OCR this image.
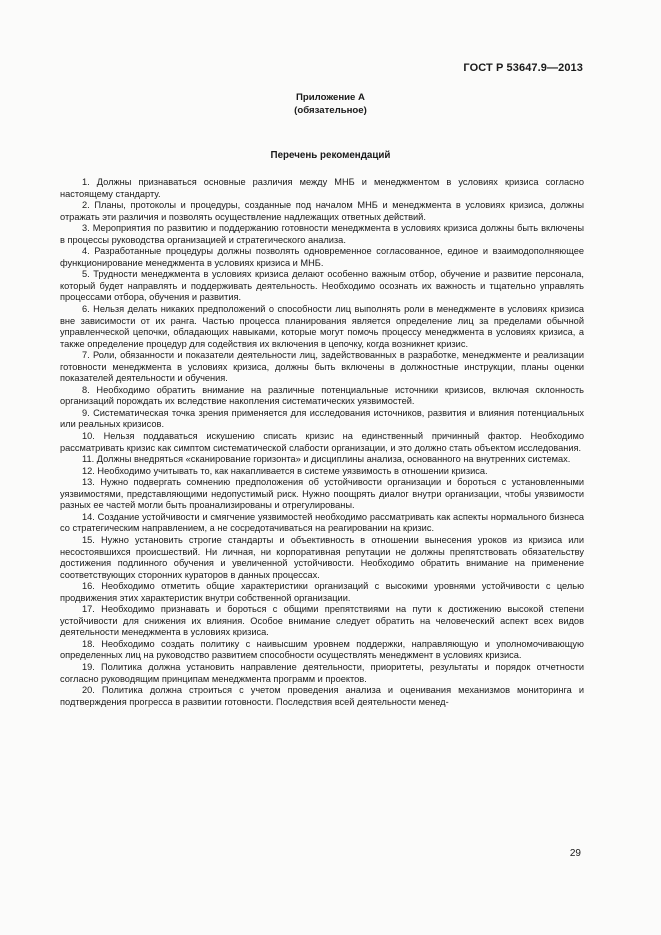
ГОСТ Р 53647.9—2013
Приложение А
(обязательное)
Перечень рекомендаций

1. Должны признаваться основные различия между МНБ и менеджментом в условиях кризиса согласно настоящему стандарту.

2. Планы, протоколы и процедуры, созданные под началом МНБ и менеджмента в условиях кризиса, должны отражать эти различия и позволять осуществление надлежащих ответных действий.

3. Мероприятия по развитию и поддержанию готовности менеджмента в условиях кризиса должны быть включены в процессы руководства организацией и стратегического анализа.

4. Разработанные процедуры должны позволять одновременное согласованное, единое и взаимодополняющее функционирование менеджмента в условиях кризиса и МНБ.

5. Трудности менеджмента в условиях кризиса делают особенно важным отбор, обучение и развитие персонала, который будет направлять и поддерживать деятельность. Необходимо осознать их важность и тщательно управлять процессами отбора, обучения и развития.

6. Нельзя делать никаких предположений о способности лиц выполнять роли в менеджменте в условиях кризиса вне зависимости от их ранга. Частью процесса планирования является определение лиц за пределами обычной управленческой цепочки, обладающих навыками, которые могут помочь процессу менеджмента в условиях кризиса, а также определение процедур для содействия их включения в цепочку, когда возникнет кризис.

7. Роли, обязанности и показатели деятельности лиц, задействованных в разработке, менеджменте и реализации готовности менеджмента в условиях кризиса, должны быть включены в должностные инструкции, планы оценки показателей деятельности и обучения.

8. Необходимо обратить внимание на различные потенциальные источники кризисов, включая склонность организаций порождать их вследствие накопления систематических уязвимостей.

9. Систематическая точка зрения применяется для исследования источников, развития и влияния потенциальных или реальных кризисов.

10. Нельзя поддаваться искушению списать кризис на единственный причинный фактор. Необходимо рассматривать кризис как симптом систематической слабости организации, и это должно стать объектом исследования.

11. Должны внедряться «сканирование горизонта» и дисциплины анализа, основанного на внутренних системах.

12. Необходимо учитывать то, как накапливается в системе уязвимость в отношении кризиса.

13. Нужно подвергать сомнению предположения об устойчивости организации и бороться с установленными уязвимостями, представляющими недопустимый риск. Нужно поощрять диалог внутри организации, чтобы уязвимости разных ее частей могли быть проанализированы и отрегулированы.

14. Создание устойчивости и смягчение уязвимостей необходимо рассматривать как аспекты нормального бизнеса со стратегическим направлением, а не сосредотачиваться на реагировании на кризис.

15. Нужно установить строгие стандарты и объективность в отношении вынесения уроков из кризиса или несостоявшихся происшествий. Ни личная, ни корпоративная репутации не должны препятствовать обязательству достижения подлинного обучения и увеличенной устойчивости. Необходимо обратить внимание на применение соответствующих сторонних кураторов в данных процессах.

16. Необходимо отметить общие характеристики организаций с высокими уровнями устойчивости с целью продвижения этих характеристик внутри собственной организации.

17. Необходимо признавать и бороться с общими препятствиями на пути к достижению высокой степени устойчивости для снижения их влияния. Особое внимание следует обратить на человеческий аспект всех видов деятельности менеджмента в условиях кризиса.

18. Необходимо создать политику с наивысшим уровнем поддержки, направляющую и уполномочивающую определенных лиц на руководство развитием способности осуществлять менеджмент в условиях кризиса.

19. Политика должна установить направление деятельности, приоритеты, результаты и порядок отчетности согласно руководящим принципам менеджмента программ и проектов.

20. Политика должна строиться с учетом проведения анализа и оценивания механизмов мониторинга и подтверждения прогресса в развитии готовности. Последствия всей деятельности менед-

29
